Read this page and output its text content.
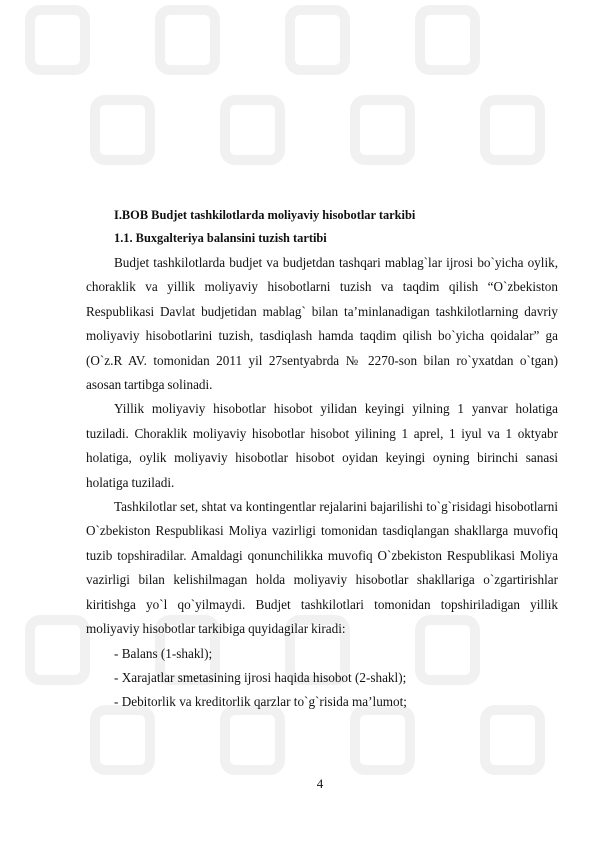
I.BOB Budjet tashkilotlarda moliyaviy hisobotlar tarkibi

1.1. Buxgalteriya balansini tuzish tartibi

Budjet tashkilotlarda budjet va budjetdan tashqari mablag`lar ijrosi bo`yicha oylik, choraklik va yillik moliyaviy hisobotlarni tuzish va taqdim qilish “O`zbekiston Respublikasi Davlat budjetidan mablag` bilan ta’minlanadigan tashkilotlarning davriy moliyaviy hisobotlarini tuzish, tasdiqlash hamda taqdim qilish bo`yicha qoidalar” ga (O`z.R AV. tomonidan 2011 yil 27sentyabrda № 2270-son bilan ro`yxatdan o`tgan) asosan tartibga solinadi.

Yillik moliyaviy hisobotlar hisobot yilidan keyingi yilning 1 yanvar holatiga tuziladi. Choraklik moliyaviy hisobotlar hisobot yilining 1 aprel, 1 iyul va 1 oktyabr holatiga, oylik moliyaviy hisobotlar hisobot oyidan keyingi oyning birinchi sanasi holatiga tuziladi.

Tashkilotlar set, shtat va kontingentlar rejalarini bajarilishi to`g`risidagi hisobotlarni O`zbekiston Respublikasi Moliya vazirligi tomonidan tasdiqlangan shakllarga muvofiq tuzib topshiradilar. Amaldagi qonunchilikka muvofiq O`zbekiston Respublikasi Moliya vazirligi bilan kelishilmagan holda moliyaviy hisobotlar shakllariga o`zgartirishlar kiritishga yo`l qo`yilmaydi. Budjet tashkilotlari tomonidan topshiriladigan yillik moliyaviy hisobotlar tarkibiga quyidagilar kiradi:

- Balans (1-shakl);

- Xarajatlar smetasining ijrosi haqida hisobot (2-shakl);

- Debitorlik va kreditorlik qarzlar to`g`risida ma’lumot;

4
